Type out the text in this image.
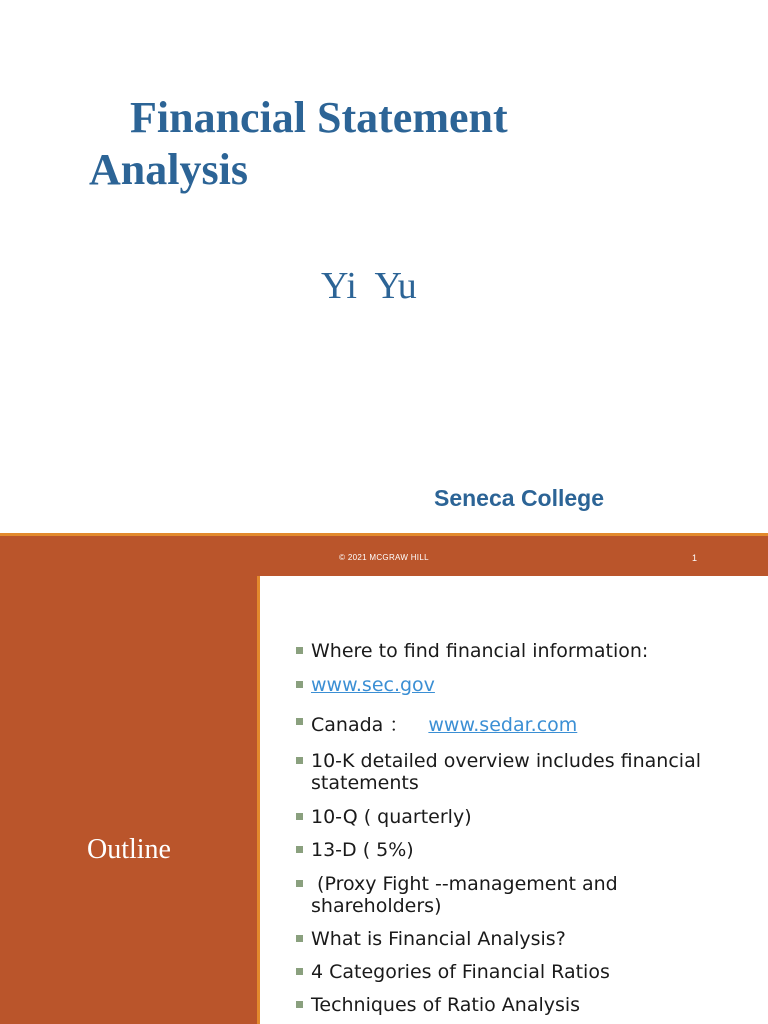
Financial Statement
Analysis
Yi  Yu
Seneca College
© 2021 MCGRAW HILL	1
Outline
Where to find financial information:
www.sec.gov
Canada ： www.sedar.com
10-K detailed overview includes financial statements
10-Q ( quarterly)
13-D ( 5%)
(Proxy Fight --management and shareholders)
What is Financial Analysis?
4 Categories of Financial Ratios
Techniques of Ratio Analysis
